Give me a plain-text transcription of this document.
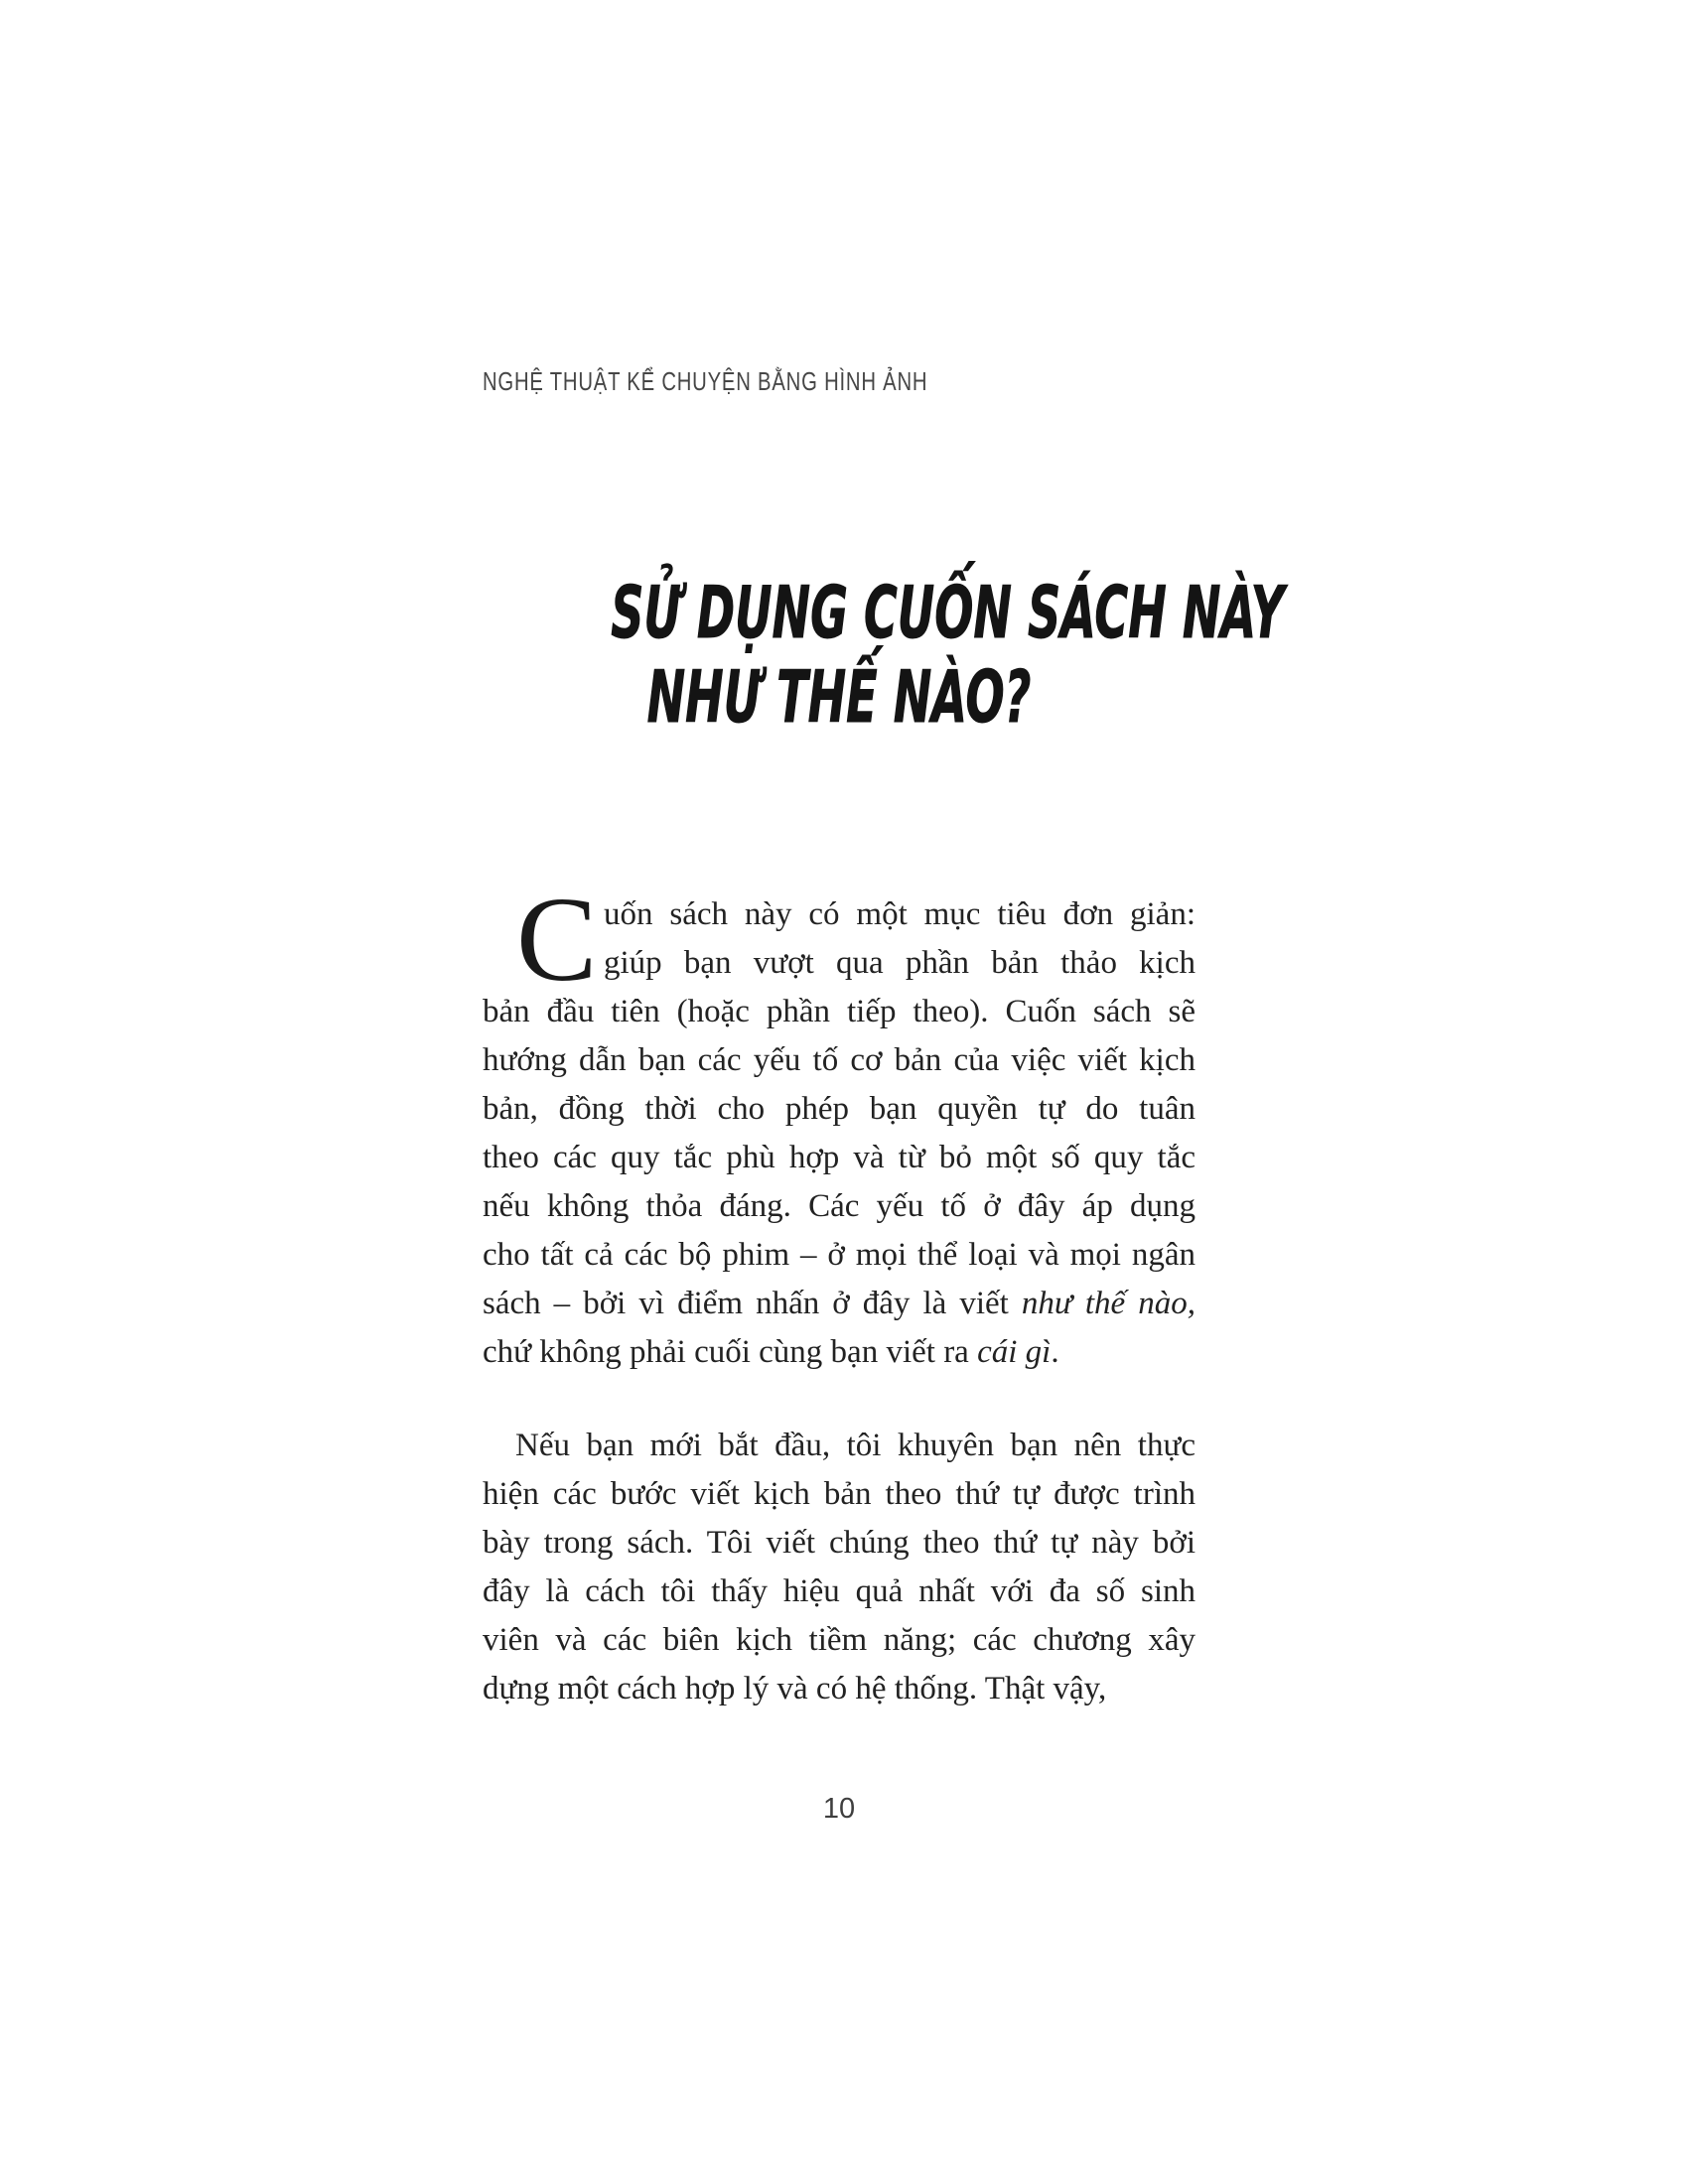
NGHỆ THUẬT KỂ CHUYỆN BẰNG HÌNH ẢNH
SỬ DỤNG CUỐN SÁCH NÀY
NHƯ THẾ NÀO?
C uốn sách này có một mục tiêu đơn giản:
giúp bạn vượt qua phần bản thảo kịch
bản đầu tiên (hoặc phần tiếp theo). Cuốn sách sẽ
hướng dẫn bạn các yếu tố cơ bản của việc viết kịch
bản, đồng thời cho phép bạn quyền tự do tuân
theo các quy tắc phù hợp và từ bỏ một số quy tắc
nếu không thỏa đáng. Các yếu tố ở đây áp dụng
cho tất cả các bộ phim – ở mọi thể loại và mọi ngân
sách – bởi vì điểm nhấn ở đây là viết như thế nào,
chứ không phải cuối cùng bạn viết ra cái gì.
Nếu bạn mới bắt đầu, tôi khuyên bạn nên thực
hiện các bước viết kịch bản theo thứ tự được trình
bày trong sách. Tôi viết chúng theo thứ tự này bởi
đây là cách tôi thấy hiệu quả nhất với đa số sinh
viên và các biên kịch tiềm năng; các chương xây
dựng một cách hợp lý và có hệ thống. Thật vậy,
10
